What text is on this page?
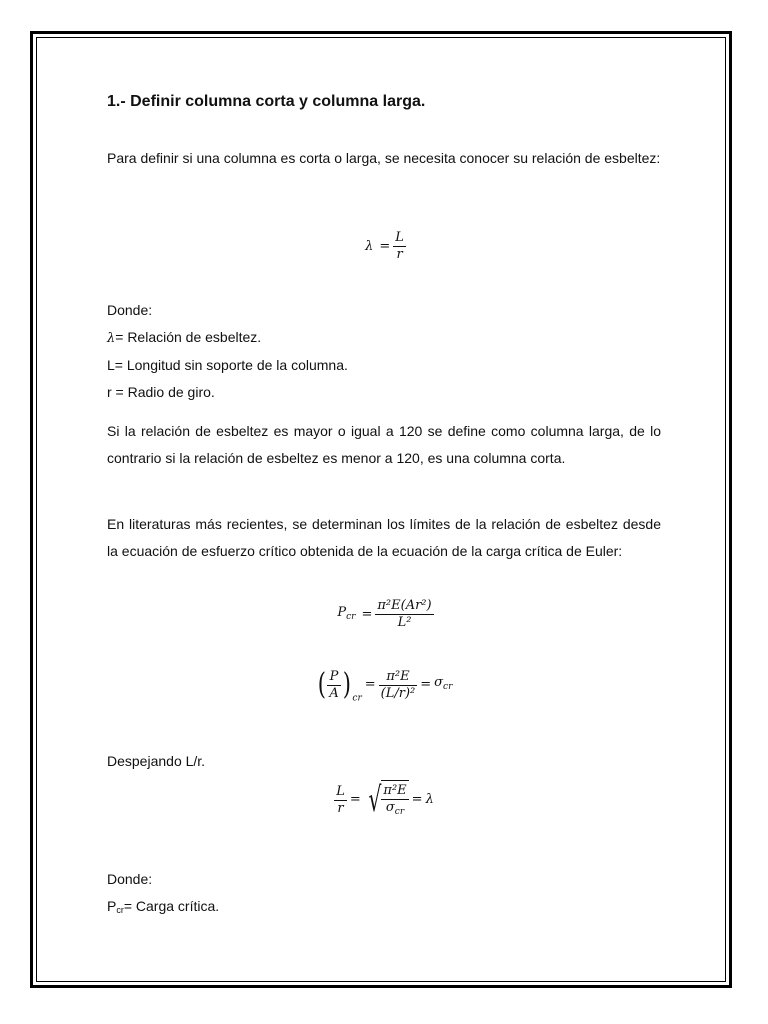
1.- Definir columna corta y columna larga.

Para definir si una columna es corta o larga, se necesita conocer su relación de esbeltez:

$\lambda = \frac{L}{r}$

Donde:

λ= Relación de esbeltez.

L= Longitud sin soporte de la columna.

r = Radio de giro.

Si la relación de esbeltez es mayor o igual a 120 se define como columna larga, de lo contrario si la relación de esbeltez es menor a 120, es una columna corta.

En literaturas más recientes, se determinan los límites de la relación de esbeltez desde la ecuación de esfuerzo crítico obtenida de la ecuación de la carga crítica de Euler:

$P_{cr} = \frac{\text{π²E(Ar²)}}{\text{L²}}$
( $\frac{P}{A}$ ) $_{cr}= \frac{\text{π²E}}{\text{(L/r)²}} = \sigma_{cr}$

Despejando L/r.

$\frac{L}{r}$ = √ $\frac{\text{π²E}}{\sigma_{cr}} = \lambda$

Donde:

Pcr= Carga crítica.
